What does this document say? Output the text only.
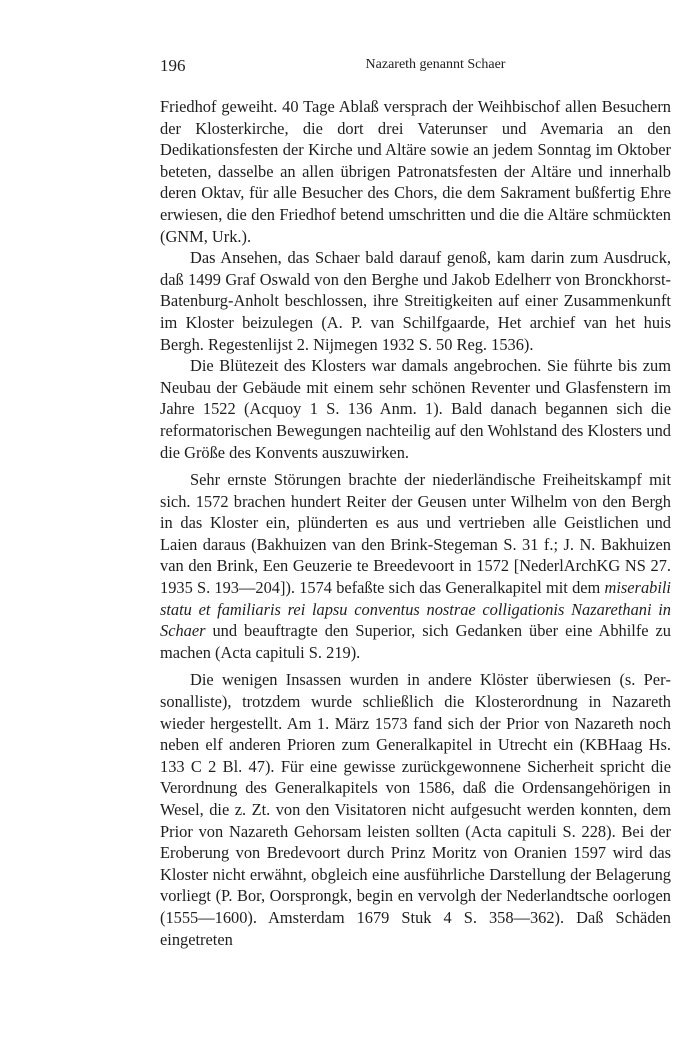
196	Nazareth genannt Schaer

Friedhof geweiht. 40 Tage Ablaß versprach der Weihbischof allen Besuchern der Klosterkirche, die dort drei Vaterunser und Avemaria an den Dedikationsfesten der Kirche und Altäre sowie an jedem Sonntag im Oktober beteten, dasselbe an allen übrigen Patronatsfesten der Altäre und innerhalb deren Oktav, für alle Besucher des Chors, die dem Sakrament bußfertig Ehre erwiesen, die den Friedhof betend umschritten und die die Altäre schmückten (GNM, Urk.).

Das Ansehen, das Schaer bald darauf genoß, kam darin zum Ausdruck, daß 1499 Graf Oswald von den Berghe und Jakob Edelherr von Bronckhorst-Batenburg-Anholt beschlossen, ihre Streitigkeiten auf einer Zusammenkunft im Kloster beizulegen (A. P. van Schilfgaarde, Het archief van het huis Bergh. Regestenlijst 2. Nijmegen 1932 S. 50 Reg. 1536).

Die Blütezeit des Klosters war damals angebrochen. Sie führte bis zum Neubau der Gebäude mit einem sehr schönen Reventer und Glasfenstern im Jahre 1522 (Acquoy 1 S. 136 Anm. 1). Bald danach begannen sich die reformatorischen Bewegungen nachteilig auf den Wohlstand des Klosters und die Größe des Konvents auszuwirken.

Sehr ernste Störungen brachte der niederländische Freiheitskampf mit sich. 1572 brachen hundert Reiter der Geusen unter Wilhelm von den Bergh in das Kloster ein, plünderten es aus und vertrieben alle Geistlichen und Laien daraus (Bakhuizen van den Brink-Stegeman S. 31 f.; J. N. Bakhuizen van den Brink, Een Geuzerie te Breedevoort in 1572 [NederlArchKG NS 27. 1935 S. 193—204]). 1574 befaßte sich das Generalkapitel mit dem miserabili statu et familiaris rei lapsu conventus nostrae colligationis Nazarethani in Schaer und beauftragte den Superior, sich Gedanken über eine Abhilfe zu machen (Acta capituli S. 219).

Die wenigen Insassen wurden in andere Klöster überwiesen (s. Personalliste), trotzdem wurde schließlich die Klosterordnung in Nazareth wieder hergestellt. Am 1. März 1573 fand sich der Prior von Nazareth noch neben elf anderen Prioren zum Generalkapitel in Utrecht ein (KBHaag Hs. 133 C 2 Bl. 47). Für eine gewisse zurückgewonnene Sicherheit spricht die Verordnung des Generalkapitels von 1586, daß die Ordensangehörigen in Wesel, die z. Zt. von den Visitatoren nicht aufgesucht werden konnten, dem Prior von Nazareth Gehorsam leisten sollten (Acta capituli S. 228). Bei der Eroberung von Bredevoort durch Prinz Moritz von Oranien 1597 wird das Kloster nicht erwähnt, obgleich eine ausführliche Darstellung der Belagerung vorliegt (P. Bor, Oorsprongk, begin en vervolgh der Nederlandtsche oorlogen (1555—1600). Amsterdam 1679 Stuk 4 S. 358—362). Daß Schäden eingetreten
